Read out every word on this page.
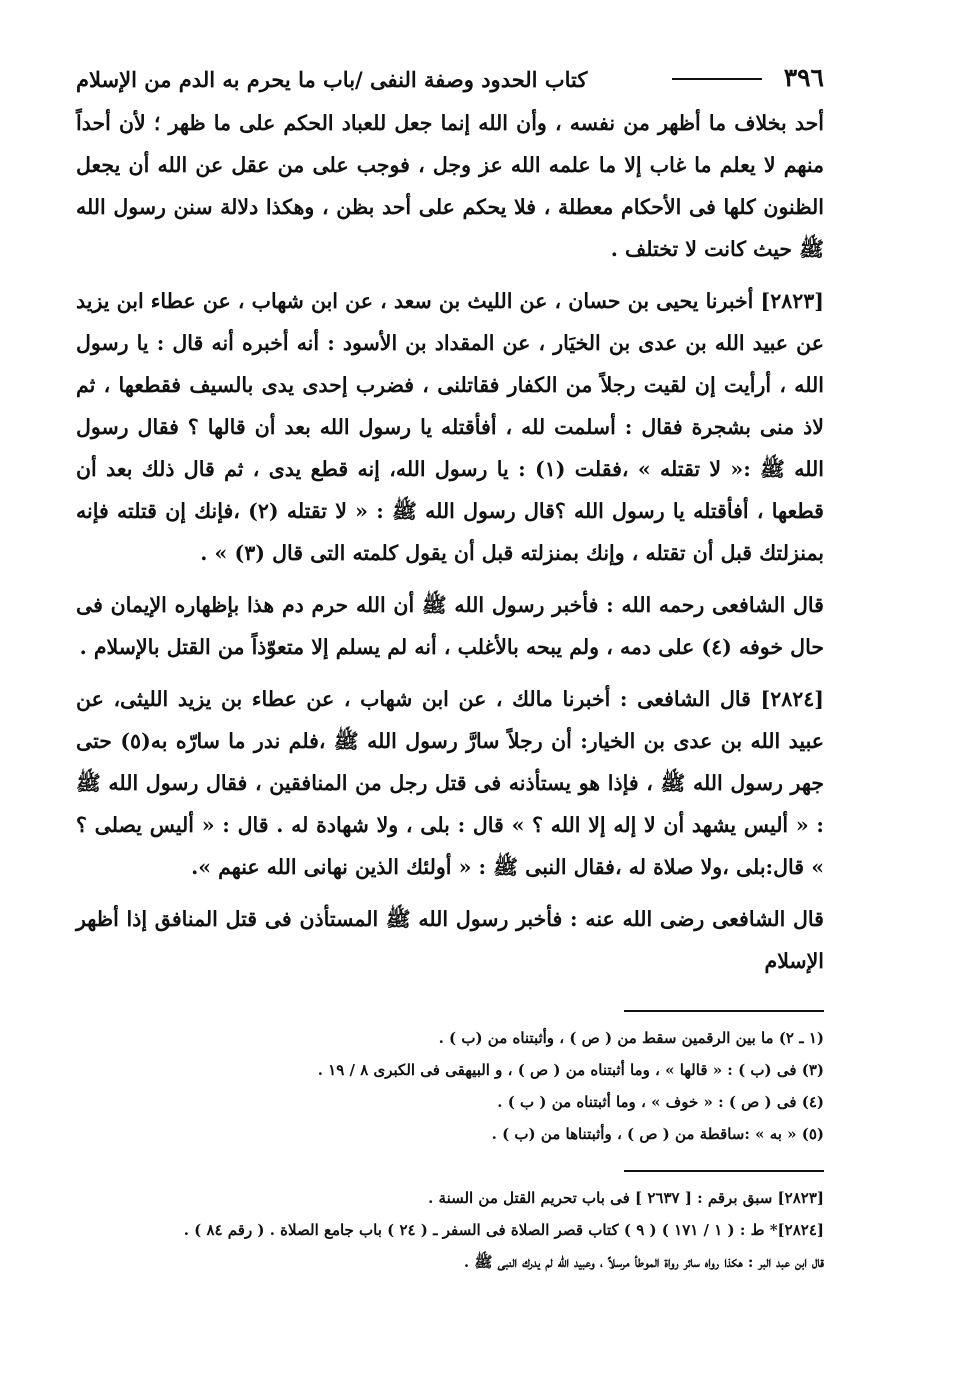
٣٩٦
كتاب الحدود وصفة النفى /باب ما يحرم به الدم من الإسلام

أحد بخلاف ما أظهر من نفسه ، وأن الله إنما جعل للعباد الحكم على ما ظهر ؛ لأن أحداً منهم لا يعلم ما غاب إلا ما علمه الله عز وجل ، فوجب على من عقل عن الله أن يجعل الظنون كلها فى الأحكام معطلة ، فلا يحكم على أحد بظن ، وهكذا دلالة سنن رسول الله ﷺ حيث كانت لا تختلف .

[٢٨٢٣] أخبرنا يحيى بن حسان ، عن الليث بن سعد ، عن ابن شهاب ، عن عطاء ابن يزيد عن عبيد الله بن عدى بن الخيَار ، عن المقداد بن الأسود : أنه أخبره أنه قال : يا رسول الله ، أرأيت إن لقيت رجلاً من الكفار فقاتلنى ، فضرب إحدى يدى بالسيف فقطعها ، ثم لاذ منى بشجرة فقال : أسلمت لله ، أفأقتله يا رسول الله بعد أن قالها ؟ فقال رسول الله ﷺ :« لا تقتله » ،فقلت (١) : يا رسول الله، إنه قطع يدى ، ثم قال ذلك بعد أن قطعها ، أفأقتله يا رسول الله ؟قال رسول الله ﷺ : « لا تقتله (٢) ،فإنك إن قتلته فإنه بمنزلتك قبل أن تقتله ، وإنك بمنزلته قبل أن يقول كلمته التى قال (٣) » .

قال الشافعى رحمه الله : فأخبر رسول الله ﷺ أن الله حرم دم هذا بإظهاره الإيمان فى حال خوفه (٤) على دمه ، ولم يبحه بالأغلب ، أنه لم يسلم إلا متعوّذاً من القتل بالإسلام .

[٢٨٢٤] قال الشافعى : أخبرنا مالك ، عن ابن شهاب ، عن عطاء بن يزيد الليثى، عن عبيد الله بن عدى بن الخيار: أن رجلاً سارَّ رسول الله ﷺ ،فلم ندر ما سارّه به(٥) حتى جهر رسول الله ﷺ ، فإذا هو يستأذنه فى قتل رجل من المنافقين ، فقال رسول الله ﷺ : « أليس يشهد أن لا إله إلا الله ؟ » قال : بلى ، ولا شهادة له . قال : « أليس يصلى ؟ » قال:بلى ،ولا صلاة له ،فقال النبى ﷺ : « أولئك الذين نهانى الله عنهم ».

قال الشافعى رضى الله عنه : فأخبر رسول الله ﷺ المستأذن فى قتل المنافق إذا أظهر الإسلام

(١ ـ ٢) ما بين الرقمين سقط من ( ص ) ، وأثبتناه من (ب ) .

(٣) فى (ب ) : « قالها » ، وما أثبتناه من ( ص ) ، و البيهقى فى الكبرى ٨ / ١٩ .

(٤) فى ( ص ) : « خوف » ، وما أثبتناه من ( ب ) .

(٥) « به » :ساقطة من ( ص ) ، وأثبتناها من (ب ) .

[٢٨٢٣] سبق برقم : [ ٢٦٣٧ ] فى باب تحريم القتل من السنة .

[٢٨٢٤]* ط : ( ١ / ١٧١ ) ( ٩ ) كتاب قصر الصلاة فى السفر ـ ( ٢٤ ) باب جامع الصلاة . ( رقم ٨٤ ) .

قال ابن عبد البر : هكذا رواه سائر رواة الموطأ مرسلاً ، وعبيد الله لم يدرك النبى ﷺ .
